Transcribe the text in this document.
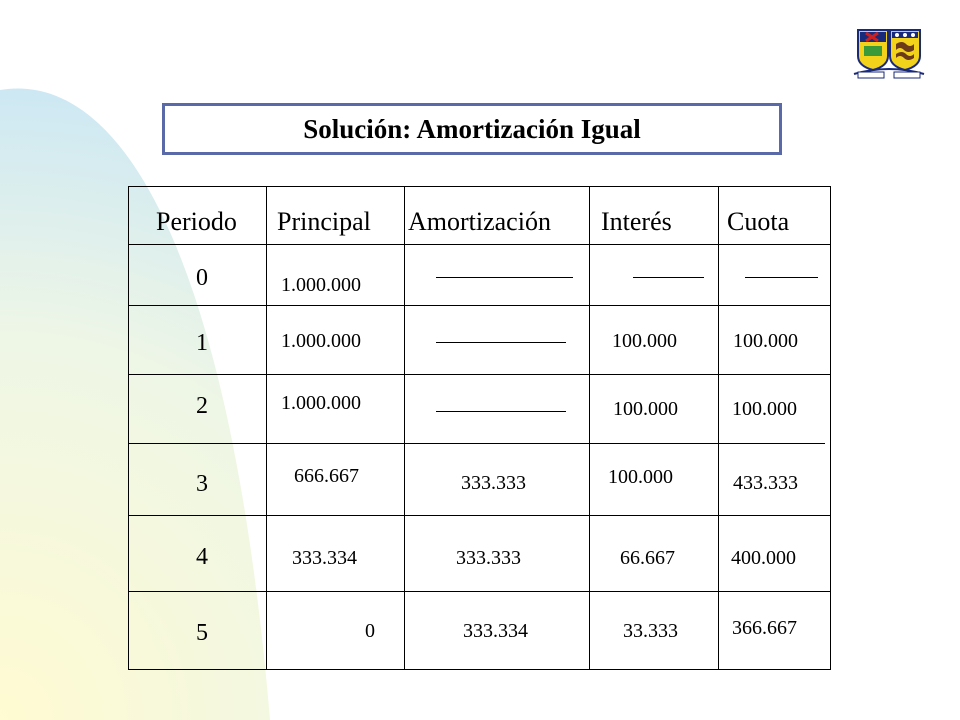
Solución: Amortización Igual
Periodo Principal Amortización Interés Cuota
0
1
2
3
4
5
1.000.000
1.000.000
1.000.000
666.667
333.334
0
333.333
333.333
333.334
100.000
100.000
100.000
66.667
33.333
100.000
100.000
433.333
400.000
366.667
